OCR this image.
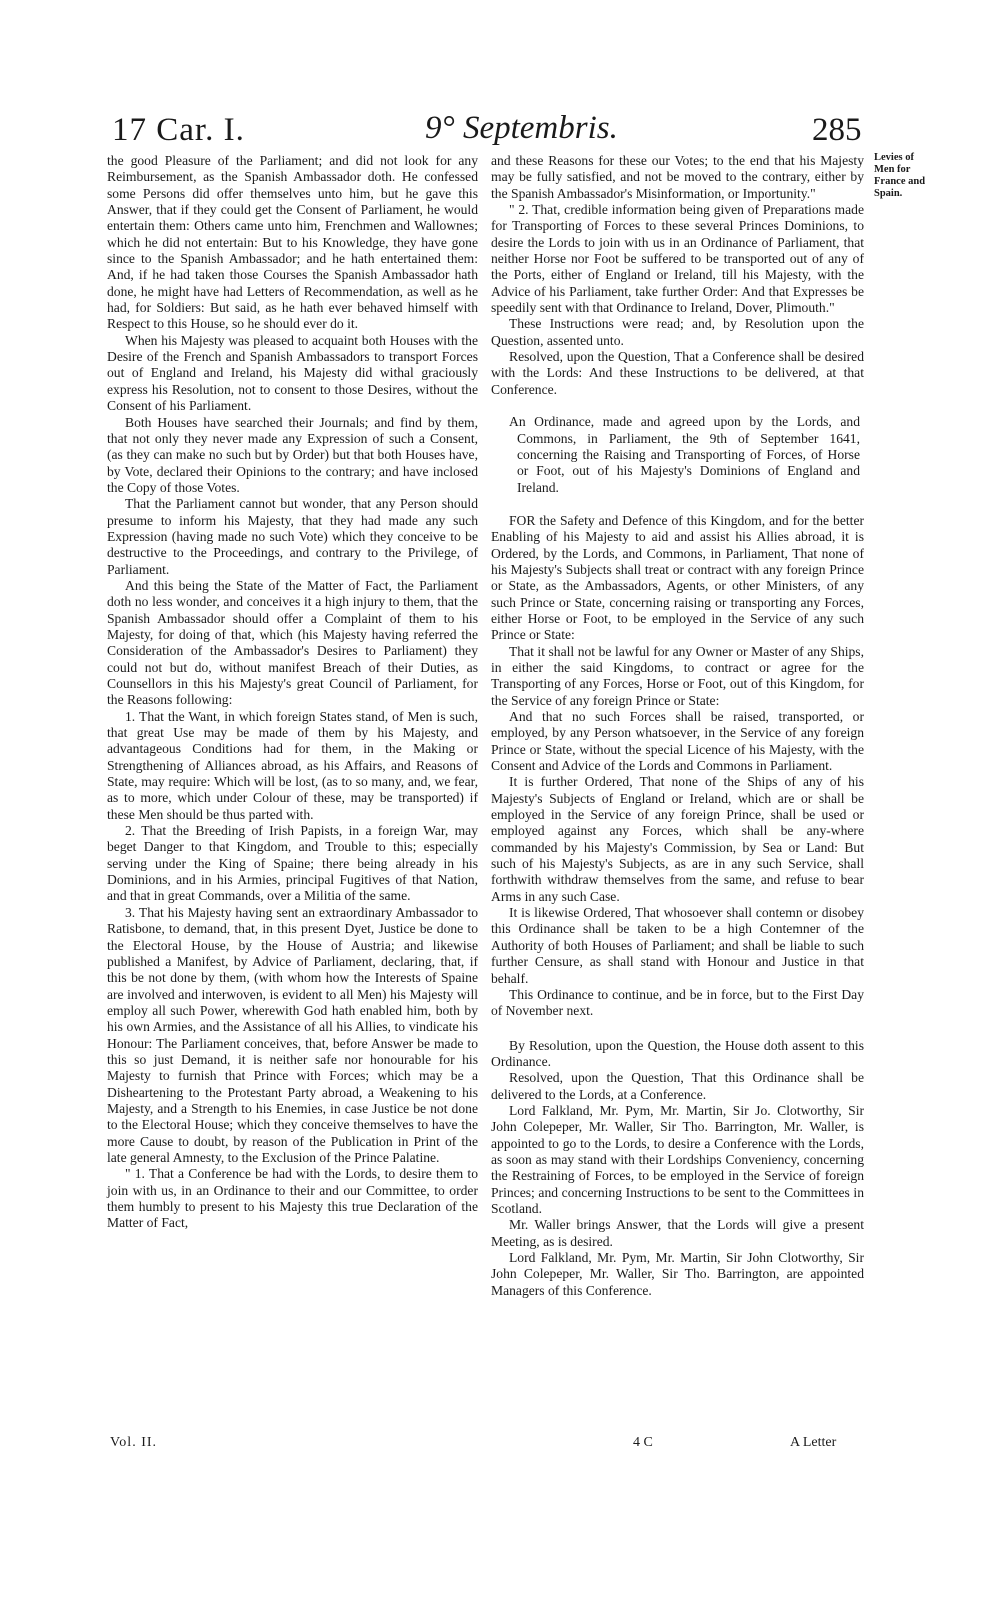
17 Car. I.	9° Septembris.	285
Levies of Men for France and Spain.

the good Pleasure of the Parliament; and did not look for any Reimbursement, as the Spanish Ambassador doth. He confessed some Persons did offer themselves unto him, but he gave this Answer, that if they could get the Consent of Parliament, he would entertain them: Others came unto him, Frenchmen and Wallownes; which he did not entertain: But to his Knowledge, they have gone since to the Spanish Ambassador; and he hath entertained them: And, if he had taken those Courses the Spanish Ambassador hath done, he might have had Letters of Recommendation, as well as he had, for Soldiers: But said, as he hath ever behaved himself with Respect to this House, so he should ever do it.

When his Majesty was pleased to acquaint both Houses with the Desire of the French and Spanish Ambassadors to transport Forces out of England and Ireland, his Majesty did withal graciously express his Resolution, not to consent to those Desires, without the Consent of his Parliament.

Both Houses have searched their Journals; and find by them, that not only they never made any Expression of such a Consent, (as they can make no such but by Order) but that both Houses have, by Vote, declared their Opinions to the contrary; and have inclosed the Copy of those Votes.

That the Parliament cannot but wonder, that any Person should presume to inform his Majesty, that they had made any such Expression (having made no such Vote) which they conceive to be destructive to the Proceedings, and contrary to the Privilege, of Parliament.

And this being the State of the Matter of Fact, the Parliament doth no less wonder, and conceives it a high injury to them, that the Spanish Ambassador should offer a Complaint of them to his Majesty, for doing of that, which (his Majesty having referred the Consideration of the Ambassador's Desires to Parliament) they could not but do, without manifest Breach of their Duties, as Counsellors in this his Majesty's great Council of Parliament, for the Reasons following:

1. That the Want, in which foreign States stand, of Men is such, that great Use may be made of them by his Majesty, and advantageous Conditions had for them, in the Making or Strengthening of Alliances abroad, as his Affairs, and Reasons of State, may require: Which will be lost, (as to so many, and, we fear, as to more, which under Colour of these, may be transported) if these Men should be thus parted with.

2. That the Breeding of Irish Papists, in a foreign War, may beget Danger to that Kingdom, and Trouble to this; especially serving under the King of Spaine; there being already in his Dominions, and in his Armies, principal Fugitives of that Nation, and that in great Commands, over a Militia of the same.

3. That his Majesty having sent an extraordinary Ambassador to Ratisbone, to demand, that, in this present Dyet, Justice be done to the Electoral House, by the House of Austria; and likewise published a Manifest, by Advice of Parliament, declaring, that, if this be not done by them, (with whom how the Interests of Spaine are involved and interwoven, is evident to all Men) his Majesty will employ all such Power, wherewith God hath enabled him, both by his own Armies, and the Assistance of all his Allies, to vindicate his Honour: The Parliament conceives, that, before Answer be made to this so just Demand, it is neither safe nor honourable for his Majesty to furnish that Prince with Forces; which may be a Disheartening to the Protestant Party abroad, a Weakening to his Majesty, and a Strength to his Enemies, in case Justice be not done to the Electoral House; which they conceive themselves to have the more Cause to doubt, by reason of the Publication in Print of the late general Amnesty, to the Exclusion of the Prince Palatine.

" 1. That a Conference be had with the Lords, to desire them to join with us, in an Ordinance to their and our Committee, to order them humbly to present to his Majesty this true Declaration of the Matter of Fact,

and these Reasons for these our Votes; to the end that his Majesty may be fully satisfied, and not be moved to the contrary, either by the Spanish Ambassador's Misinformation, or Importunity."

" 2. That, credible information being given of Preparations made for Transporting of Forces to these several Princes Dominions, to desire the Lords to join with us in an Ordinance of Parliament, that neither Horse nor Foot be suffered to be transported out of any of the Ports, either of England or Ireland, till his Majesty, with the Advice of his Parliament, take further Order: And that Expresses be speedily sent with that Ordinance to Ireland, Dover, Plimouth."

These Instructions were read; and, by Resolution upon the Question, assented unto.

Resolved, upon the Question, That a Conference shall be desired with the Lords: And these Instructions to be delivered, at that Conference.

An Ordinance, made and agreed upon by the Lords, and Commons, in Parliament, the 9th of September 1641, concerning the Raising and Transporting of Forces, of Horse or Foot, out of his Majesty's Dominions of England and Ireland.

FOR the Safety and Defence of this Kingdom, and for the better Enabling of his Majesty to aid and assist his Allies abroad, it is Ordered, by the Lords, and Commons, in Parliament, That none of his Majesty's Subjects shall treat or contract with any foreign Prince or State, as the Ambassadors, Agents, or other Ministers, of any such Prince or State, concerning raising or transporting any Forces, either Horse or Foot, to be employed in the Service of any such Prince or State:

That it shall not be lawful for any Owner or Master of any Ships, in either the said Kingdoms, to contract or agree for the Transporting of any Forces, Horse or Foot, out of this Kingdom, for the Service of any foreign Prince or State:

And that no such Forces shall be raised, transported, or employed, by any Person whatsoever, in the Service of any foreign Prince or State, without the special Licence of his Majesty, with the Consent and Advice of the Lords and Commons in Parliament.

It is further Ordered, That none of the Ships of any of his Majesty's Subjects of England or Ireland, which are or shall be employed in the Service of any foreign Prince, shall be used or employed against any Forces, which shall be any-where commanded by his Majesty's Commission, by Sea or Land: But such of his Majesty's Subjects, as are in any such Service, shall forthwith withdraw themselves from the same, and refuse to bear Arms in any such Case.

It is likewise Ordered, That whosoever shall contemn or disobey this Ordinance shall be taken to be a high Contemner of the Authority of both Houses of Parliament; and shall be liable to such further Censure, as shall stand with Honour and Justice in that behalf.

This Ordinance to continue, and be in force, but to the First Day of November next.

By Resolution, upon the Question, the House doth assent to this Ordinance.

Resolved, upon the Question, That this Ordinance shall be delivered to the Lords, at a Conference.

Lord Falkland, Mr. Pym, Mr. Martin, Sir Jo. Clotworthy, Sir John Colepeper, Mr. Waller, Sir Tho. Barrington, Mr. Waller, is appointed to go to the Lords, to desire a Conference with the Lords, as soon as may stand with their Lordships Conveniency, concerning the Restraining of Forces, to be employed in the Service of foreign Princes; and concerning Instructions to be sent to the Committees in Scotland.

Mr. Waller brings Answer, that the Lords will give a present Meeting, as is desired.

Lord Falkland, Mr. Pym, Mr. Martin, Sir John Clotworthy, Sir John Colepeper, Mr. Waller, Sir Tho. Barrington, are appointed Managers of this Conference.

Vol. II.	4 C	A Letter
